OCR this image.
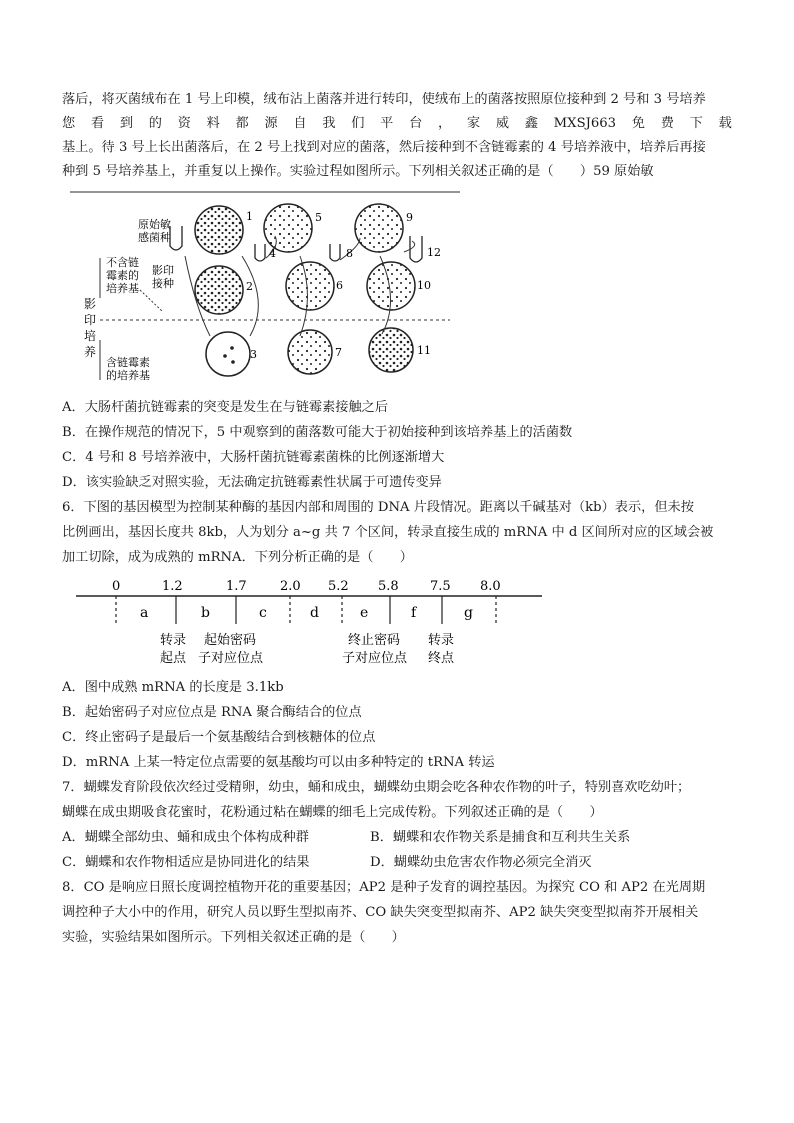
落后，将灭菌绒布在 1 号上印模，绒布沾上菌落并进行转印，使绒布上的菌落按照原位接种到 2 号和 3 号培养
您 看 到 的 资 料 都 源 自 我 们 平 台 ， 家 威 鑫 MXSJ663 免 费 下 载
基上。待 3 号上长出菌落后，在 2 号上找到对应的菌落，然后接种到不含链霉素的 4 号培养液中，培养后再接
种到 5 号培养基上，并重复以上操作。实验过程如图所示。下列相关叙述正确的是（　　）59 原始敏
原始敏
感菌种
不含链
霉素的
培养基
影印
接种
影
印
培
养
含链霉素
的培养基
1
2
3
4
5
6
7
8
9
10
11
12
A．大肠杆菌抗链霉素的突变是发生在与链霉素接触之后
B．在操作规范的情况下，5 中观察到的菌落数可能大于初始接种到该培养基上的活菌数
C．4 号和 8 号培养液中，大肠杆菌抗链霉素菌株的比例逐渐增大
D．该实验缺乏对照实验，无法确定抗链霉素性状属于可遗传变异
6．下图的基因模型为控制某种酶的基因内部和周围的 DNA 片段情况。距离以千碱基对（kb）表示，但未按
比例画出，基因长度共 8kb，人为划分 a~g 共 7 个区间，转录直接生成的 mRNA 中 d 区间所对应的区域会被
加工切除，成为成熟的 mRNA．下列分析正确的是（　　）
0	1.2	1.7	2.0 5.2 5.8 7.5 8.0
a	b	c	d	e	f	g
转录
起点
起始密码
子对应位点
终止密码
子对应位点
转录
终点
A．图中成熟 mRNA 的长度是 3.1kb
B．起始密码子对应位点是 RNA 聚合酶结合的位点
C．终止密码子是最后一个氨基酸结合到核糖体的位点
D．mRNA 上某一特定位点需要的氨基酸均可以由多种特定的 tRNA 转运
7．蝴蝶发育阶段依次经过受精卵，幼虫，蛹和成虫，蝴蝶幼虫期会吃各种农作物的叶子，特别喜欢吃幼叶；
蝴蝶在成虫期吸食花蜜时，花粉通过粘在蝴蝶的细毛上完成传粉。下列叙述正确的是（　　）
A．蝴蝶全部幼虫、蛹和成虫个体构成种群	B．蝴蝶和农作物关系是捕食和互利共生关系
C．蝴蝶和农作物相适应是协同进化的结果	D．蝴蝶幼虫危害农作物必须完全消灭
8．CO 是响应日照长度调控植物开花的重要基因；AP2 是种子发育的调控基因。为探究 CO 和 AP2 在光周期
调控种子大小中的作用，研究人员以野生型拟南芥、CO 缺失突变型拟南芥、AP2 缺失突变型拟南芥开展相关
实验，实验结果如图所示。下列相关叙述正确的是（　　）
